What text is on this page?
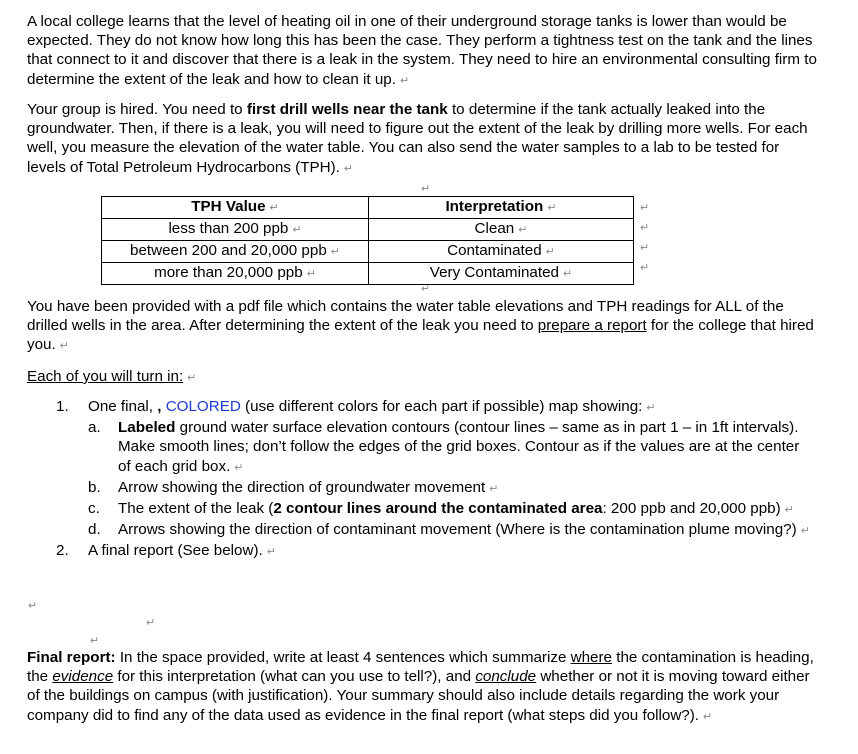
A local college learns that the level of heating oil in one of their underground storage tanks is lower than would be expected. They do not know how long this has been the case. They perform a tightness test on the tank and the lines that connect to it and discover that there is a leak in the system. They need to hire an environmental consulting firm to determine the extent of the leak and how to clean it up. ↵

Your group is hired. You need to first drill wells near the tank to determine if the tank actually leaked into the groundwater. Then, if there is a leak, you will need to figure out the extent of the leak by drilling more wells. For each well, you measure the elevation of the water table. You can also send the water samples to a lab to be tested for levels of Total Petroleum Hydrocarbons (TPH). ↵

↵
TPH Value ↵	Interpretation ↵
less than 200 ppb ↵	Clean ↵
between 200 and 20,000 ppb ↵	Contaminated ↵
more than 20,000 ppb ↵	Very Contaminated ↵
↵
↵
↵
↵
↵

You have been provided with a pdf file which contains the water table elevations and TPH readings for ALL of the drilled wells in the area. After determining the extent of the leak you need to prepare a report for the college that hired you. ↵

Each of you will turn in: ↵

1. One final, , COLORED (use different colors for each part if possible) map showing: ↵
a. Labeled ground water surface elevation contours (contour lines – same as in part 1 – in 1ft intervals). Make smooth lines; don’t follow the edges of the grid boxes. Contour as if the values are at the center of each grid box. ↵
b. Arrow showing the direction of groundwater movement ↵
c. The extent of the leak (2 contour lines around the contaminated area: 200 ppb and 20,000 ppb) ↵
d. Arrows showing the direction of contaminant movement (Where is the contamination plume moving?) ↵
2. A final report (See below). ↵
↵
↵
↵

Final report: In the space provided, write at least 4 sentences which summarize where the contamination is heading, the evidence for this interpretation (what can you use to tell?), and conclude whether or not it is moving toward either of the buildings on campus (with justification). Your summary should also include details regarding the work your company did to find any of the data used as evidence in the final report (what steps did you follow?). ↵
